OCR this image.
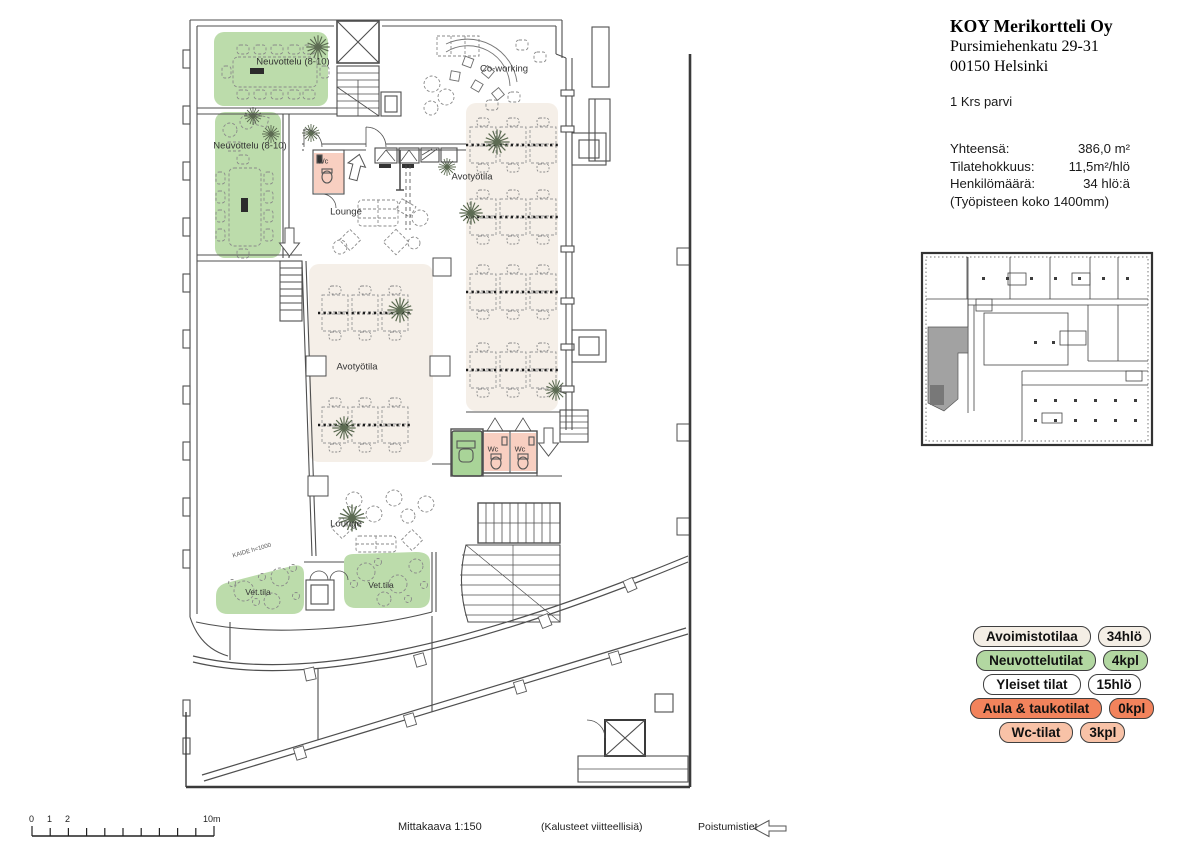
Neuvottelu (8-10)
Neuvottelu (8-10)
Co-working
Avotyötila
Avotyötila
Lounge
Lounge
Wc
Wc Wc
Vet.tila
Vet.tila
KAIDE h=1000
KOY Merikortteli Oy
Pursimiehenkatu 29-31
00150 Helsinki
1 Krs parvi
Yhteensä:	386,0 m²
Tilatehokkuus:	11,5m²/hlö
Henkilömäärä:	34 hlö:ä
(Työpisteen koko 1400mm)
Avoimistotilaa	34hlö
Neuvottelutilat	4kpl
Yleiset tilat	15hlö
Aula & taukotilat	0kpl
Wc-tilat	3kpl
0 1 2	10m
Mittakaava 1:150	(Kalusteet viitteellisiä)	Poistumistiet
